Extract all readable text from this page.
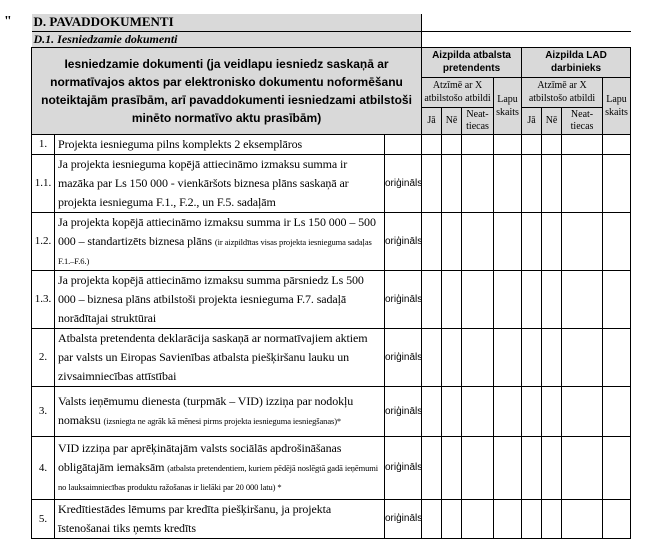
" D. PAVADDOKUMENTI										
D.1. Iesniedzamie dokumenti										
Iesniedzamie dokumenti (ja veidlapu iesniedz saskaņā ar normatīvajos aktos par elektronisko dokumentu noformēšanu noteiktajām prasībām, arī pavaddokumenti iesniedzami atbilstoši minēto normatīvo aktu prasībām)			Aizpilda atbalsta pretendents				Aizpilda LAD darbinieks			
			Atzīmē ar X atbilstošo atbildi			Lapu skaits	Atzīmē ar X atbilstošo atbildi			Lapu skaits
			Jā	Nē	Neat-tiecas		Jā	Nē	Neat-tiecas	
1.	Projekta iesnieguma pilns komplekts 2 eksemplāros									
1.1.	Ja projekta iesnieguma kopējā attiecināmo izmaksu summa ir mazāka par Ls 150 000 - vienkāršots biznesa plāns saskaņā ar projekta iesnieguma F.1., F.2., un F.5. sadaļām	oriģināls								
1.2.	Ja projekta kopējā attiecināmo izmaksu summa ir Ls 150 000 – 500 000 – standartizēts biznesa plāns (ir aizpildītas visas projekta iesnieguma sadaļas F.1.–F.6.)	oriģināls								
1.3.	Ja projekta kopējā attiecināmo izmaksu summa pārsniedz Ls 500 000 – biznesa plāns atbilstoši projekta iesnieguma F.7. sadaļā norādītajai struktūrai	oriģināls								
2.	Atbalsta pretendenta deklarācija saskaņā ar normatīvajiem aktiem par valsts un Eiropas Savienības atbalsta piešķiršanu lauku un zivsaimniecības attīstībai	oriģināls								
3.	Valsts ieņēmumu dienesta (turpmāk – VID) izziņa par nodokļu nomaksu (izsniegta ne agrāk kā mēnesi pirms projekta iesnieguma iesniegšanas)*	oriģināls								
4.	VID izziņa par aprēķinātajām valsts sociālās apdrošināšanas obligātajām iemaksām (atbalsta pretendentiem, kuriem pēdējā noslēgtā gadā ieņēmumi no lauksaimniecības produktu ražošanas ir lielāki par 20 000 latu) *	oriģināls								
5.	Kredītiestādes lēmums par kredīta piešķiršanu, ja projekta īstenošanai tiks ņemts kredīts	oriģināls								
